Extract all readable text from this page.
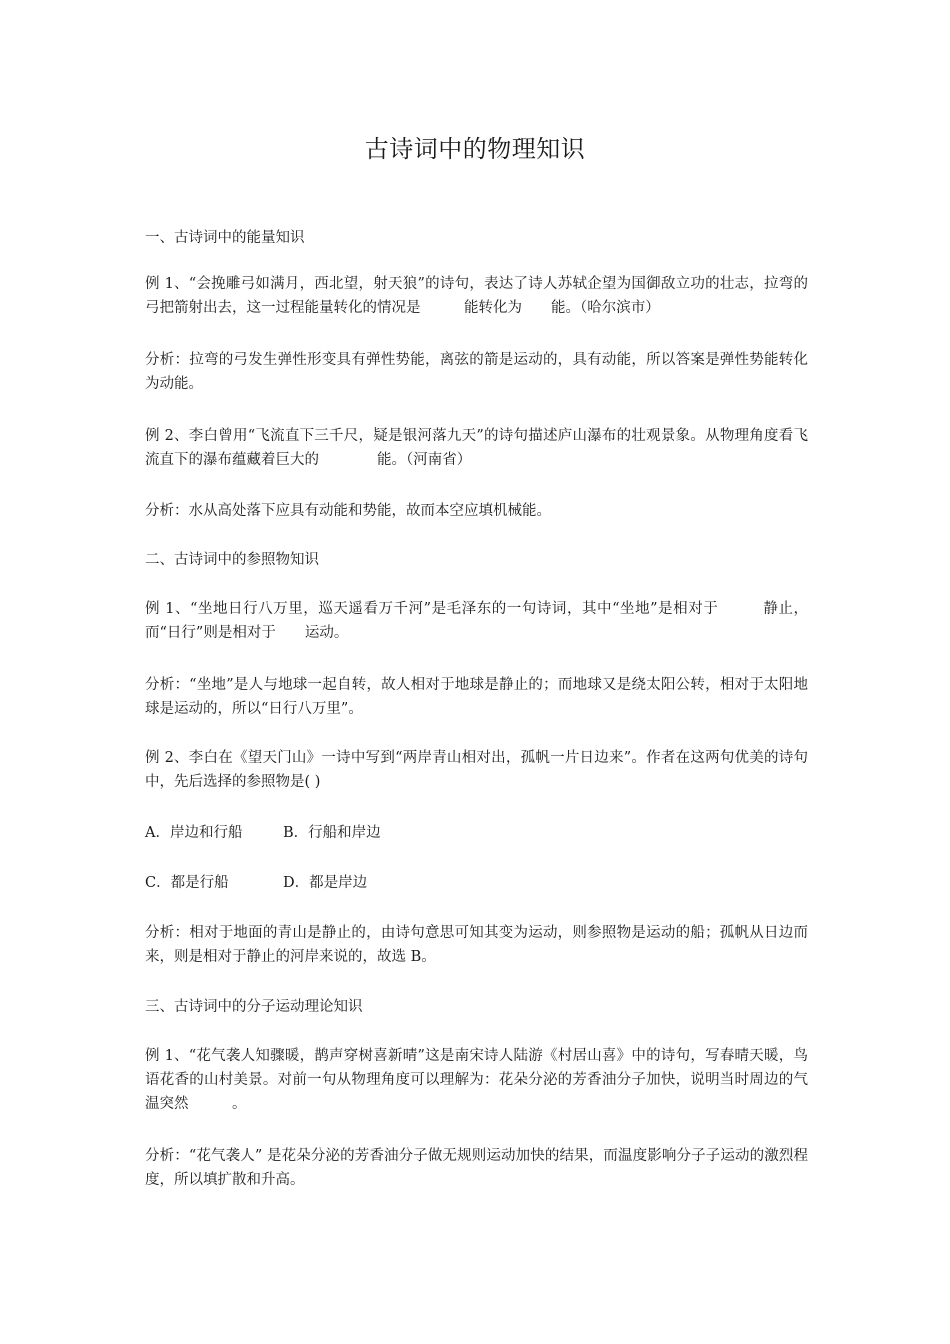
古诗词中的物理知识

一、古诗词中的能量知识

例 1、“会挽雕弓如满月，西北望，射天狼”的诗句，表达了诗人苏轼企望为国御敌立功的壮志，拉弯的弓把箭射出去，这一过程能量转化的情况是　　　能转化为　　能。（哈尔滨市）

分析：拉弯的弓发生弹性形变具有弹性势能，离弦的箭是运动的，具有动能，所以答案是弹性势能转化为动能。

例 2、李白曾用“飞流直下三千尺，疑是银河落九天”的诗句描述庐山瀑布的壮观景象。从物理角度看飞流直下的瀑布蕴藏着巨大的　　　　能。（河南省）

分析：水从高处落下应具有动能和势能，故而本空应填机械能。

二、古诗词中的参照物知识

例 1、“坐地日行八万里，巡天遥看万千河”是毛泽东的一句诗词，其中“坐地”是相对于　　　静止，而“日行”则是相对于　　运动。

分析：“坐地”是人与地球一起自转，故人相对于地球是静止的；而地球又是绕太阳公转，相对于太阳地球是运动的，所以“日行八万里”。

例 2、李白在《望天门山》一诗中写到“两岸青山相对出，孤帆一片日边来”。作者在这两句优美的诗句中，先后选择的参照物是( )

A．岸边和行船	B．行船和岸边
C．都是行船	D．都是岸边

分析：相对于地面的青山是静止的，由诗句意思可知其变为运动，则参照物是运动的船；孤帆从日边而来，则是相对于静止的河岸来说的，故选 B。

三、古诗词中的分子运动理论知识

例 1、“花气袭人知骤暖，鹊声穿树喜新晴”这是南宋诗人陆游《村居山喜》中的诗句，写春晴天暖，鸟语花香的山村美景。对前一句从物理角度可以理解为：花朵分泌的芳香油分子加快，说明当时周边的气温突然　　　。

分析：“花气袭人” 是花朵分泌的芳香油分子做无规则运动加快的结果，而温度影响分子子运动的激烈程度，所以填扩散和升高。
